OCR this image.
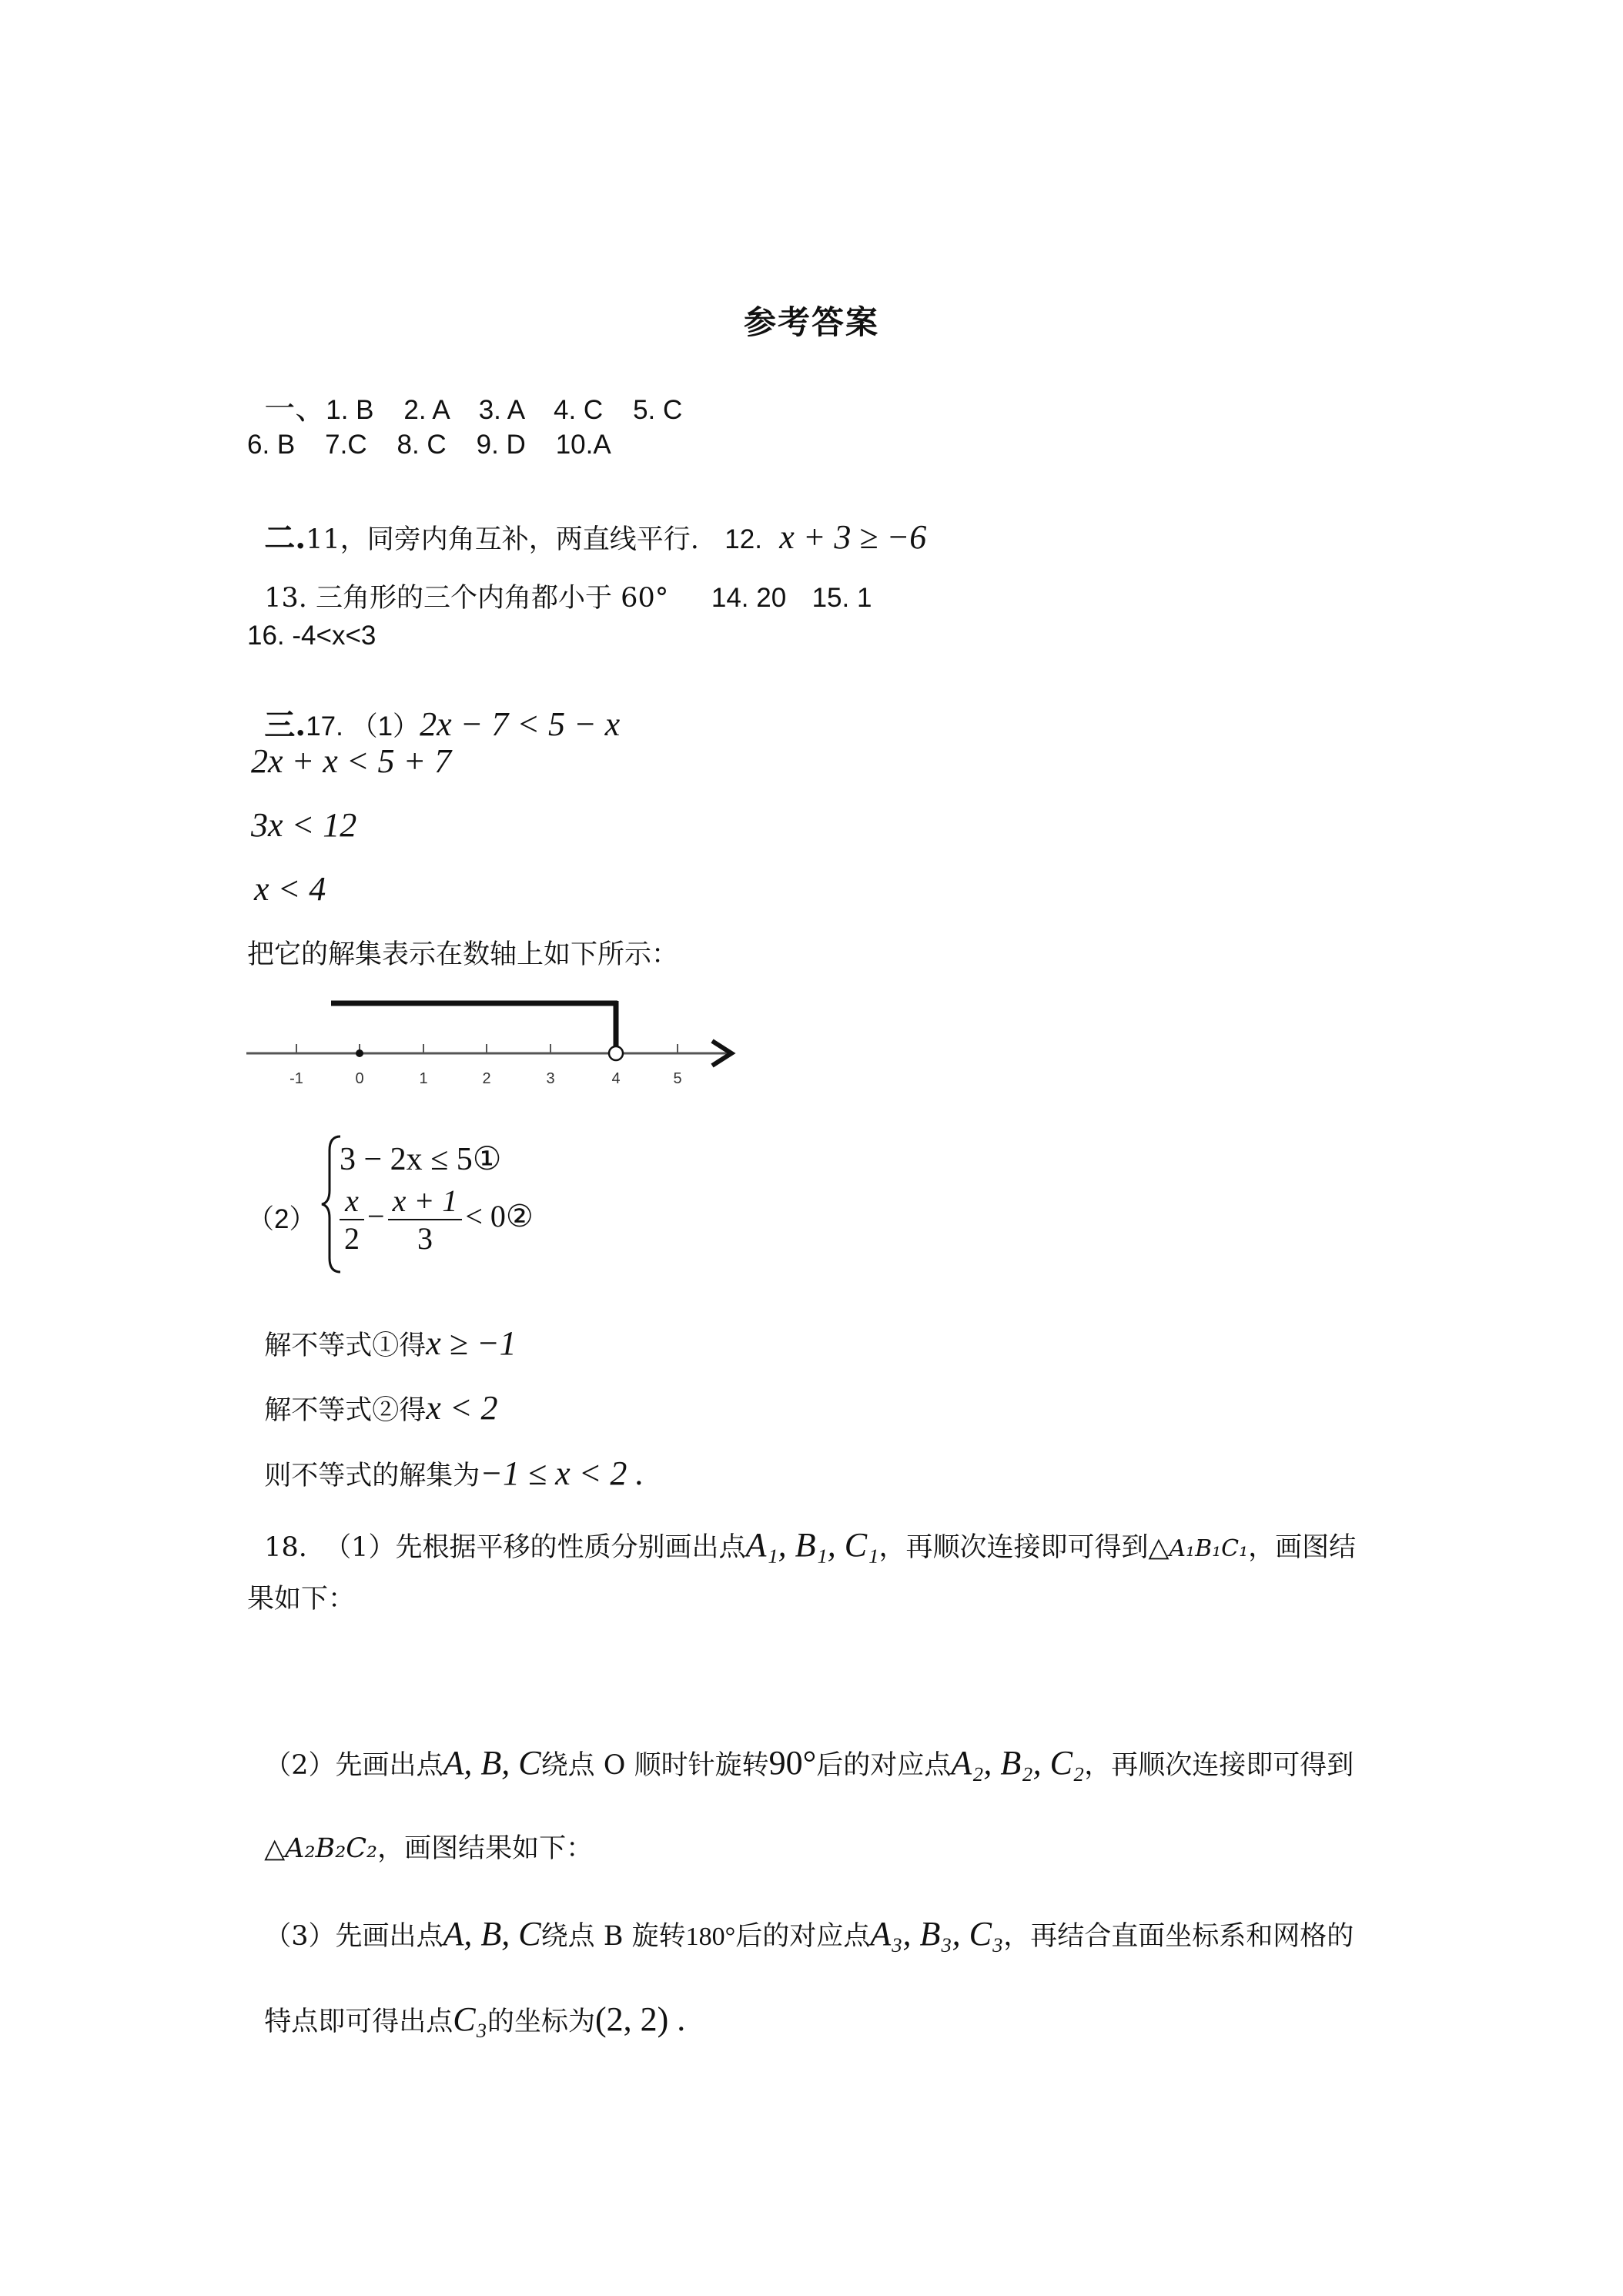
参考答案

一、1. B    2. A    3. A    4. C    5. C

6. B    7.C    8. C    9. D    10.A

二.11，同旁内角互补，两直线平行. 12. x + 3 ≥ −6

13. 三角形的三个内角都小于 60° 14. 20 15. 1

16. -4<x<3

三.17. （1）2x − 7 < 5 − x

2x + x < 5 + 7
3x < 12
x < 4
把它的解集表示在数轴上如下所示：
-1	0	1	2	3	4	5
（2）
3 − 2x ≤ 5①
$\frac{x}{2} - \frac{x + 1}{3}$ < 0②

解不等式①得x ≥ −1

解不等式②得x < 2

则不等式的解集为−1 ≤ x < 2 .

18.  （1）先根据平移的性质分别画出点A₁, B₁, C₁，再顺次连接即可得到△A₁B₁C₁，画图结

果如下：

（2）先画出点A, B, C绕点 O 顺时针旋转90°后的对应点A₂, B₂, C₂，再顺次连接即可得到

△A₂B₂C₂，画图结果如下：

（3）先画出点A, B, C绕点 B 旋转180°后的对应点A₃, B₃, C₃，再结合直面坐标系和网格的

特点即可得出点C₃的坐标为(2, 2) .
